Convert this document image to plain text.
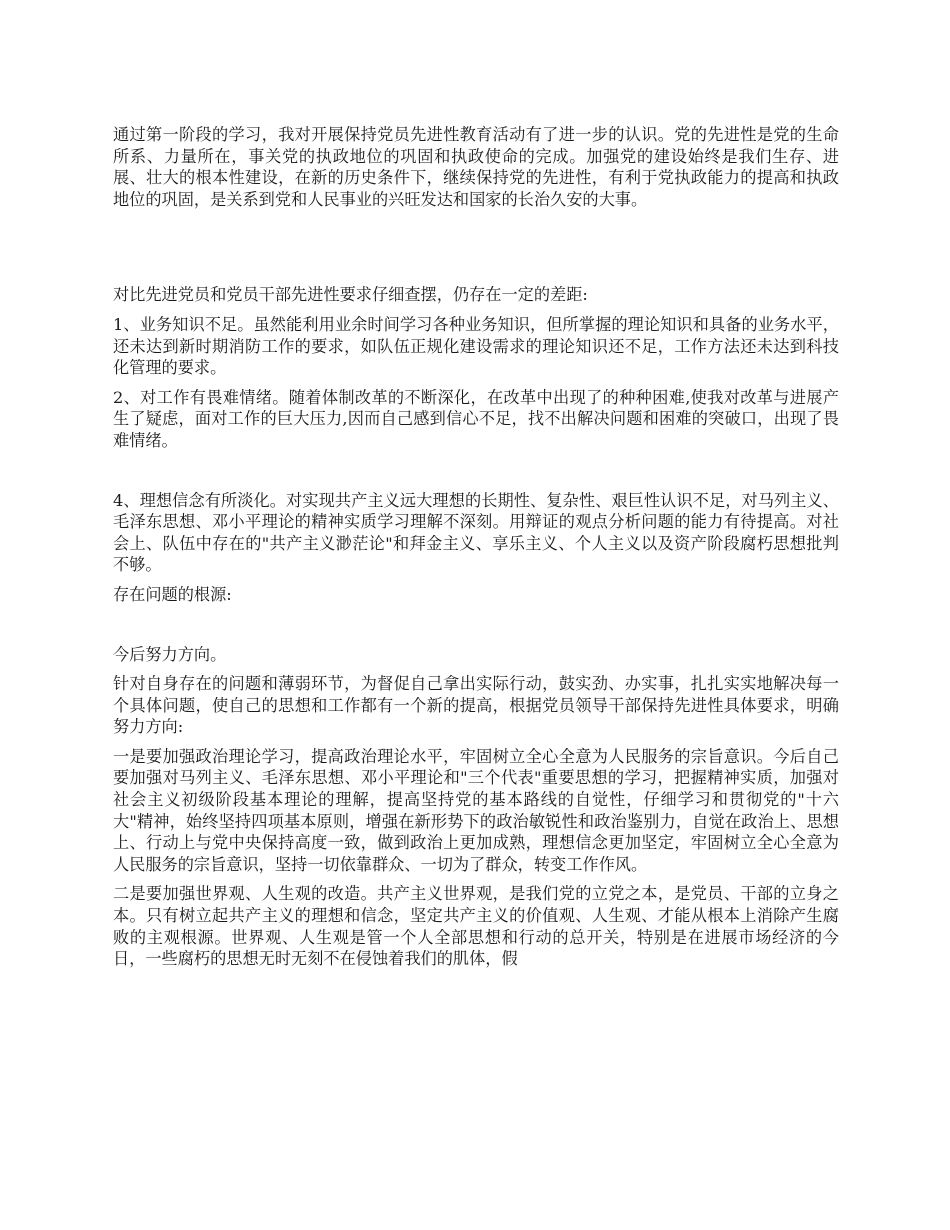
通过第一阶段的学习，我对开展保持党员先进性教育活动有了进一步的认识。党的先进性是党的生命所系、力量所在，事关党的执政地位的巩固和执政使命的完成。加强党的建设始终是我们生存、进展、壮大的根本性建设，在新的历史条件下，继续保持党的先进性，有利于党执政能力的提高和执政地位的巩固，是关系到党和人民事业的兴旺发达和国家的长治久安的大事。

对比先进党员和党员干部先进性要求仔细查摆，仍存在一定的差距:

1、业务知识不足。虽然能利用业余时间学习各种业务知识，但所掌握的理论知识和具备的业务水平，还未达到新时期消防工作的要求，如队伍正规化建设需求的理论知识还不足，工作方法还未达到科技化管理的要求。

2、对工作有畏难情绪。随着体制改革的不断深化，在改革中出现了的种种困难,使我对改革与进展产生了疑虑，面对工作的巨大压力,因而自己感到信心不足，找不出解决问题和困难的突破口，出现了畏难情绪。

4、理想信念有所淡化。对实现共产主义远大理想的长期性、复杂性、艰巨性认识不足，对马列主义、毛泽东思想、邓小平理论的精神实质学习理解不深刻。用辩证的观点分析问题的能力有待提高。对社会上、队伍中存在的"共产主义渺茫论"和拜金主义、享乐主义、个人主义以及资产阶段腐朽思想批判不够。

存在问题的根源:

今后努力方向。

针对自身存在的问题和薄弱环节，为督促自己拿出实际行动，鼓实劲、办实事，扎扎实实地解决每一个具体问题，使自己的思想和工作都有一个新的提高，根据党员领导干部保持先进性具体要求，明确努力方向:

一是要加强政治理论学习，提高政治理论水平，牢固树立全心全意为人民服务的宗旨意识。今后自己要加强对马列主义、毛泽东思想、邓小平理论和"三个代表"重要思想的学习，把握精神实质，加强对社会主义初级阶段基本理论的理解，提高坚持党的基本路线的自觉性，仔细学习和贯彻党的"十六大"精神，始终坚持四项基本原则，增强在新形势下的政治敏锐性和政治鉴别力，自觉在政治上、思想上、行动上与党中央保持高度一致，做到政治上更加成熟，理想信念更加坚定，牢固树立全心全意为人民服务的宗旨意识，坚持一切依靠群众、一切为了群众，转变工作作风。

二是要加强世界观、人生观的改造。共产主义世界观，是我们党的立党之本，是党员、干部的立身之本。只有树立起共产主义的理想和信念，坚定共产主义的价值观、人生观、才能从根本上消除产生腐败的主观根源。世界观、人生观是管一个人全部思想和行动的总开关，特别是在进展市场经济的今日，一些腐朽的思想无时无刻不在侵蚀着我们的肌体，假
